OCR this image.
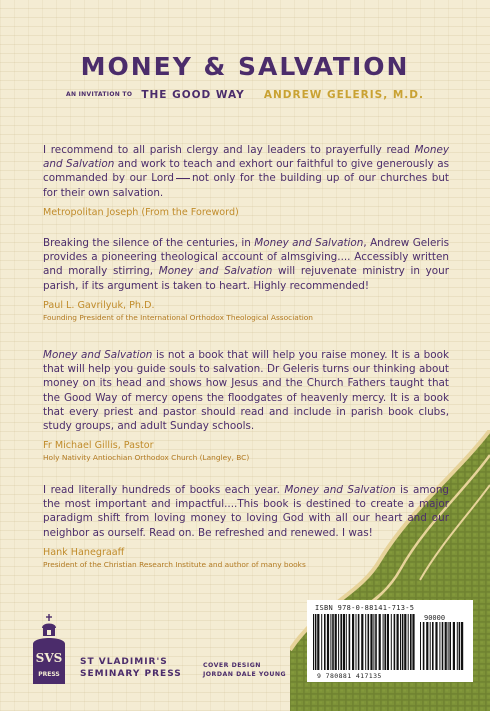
MONEY & SALVATION
AN INVITATION TO THE GOOD WAY ANDREW GELERIS, M.D.

I recommend to all parish clergy and lay leaders to prayerfully read Money and Salvation and work to teach and exhort our faithful to give generously as commanded by our Lord not only for the building up of our churches but for their own salvation.

Metropolitan Joseph (From the Foreword)

Breaking the silence of the centuries, in Money and Salvation, Andrew Geleris provides a pioneering theological account of almsgiving.... Accessibly written and morally stirring, Money and Salvation will rejuvenate ministry in your parish, if its argument is taken to heart. Highly recommended!

Paul L. Gavrilyuk, Ph.D.

Founding President of the International Orthodox Theological Association

Money and Salvation is not a book that will help you raise money. It is a book that will help you guide souls to salvation. Dr Geleris turns our thinking about money on its head and shows how Jesus and the Church Fathers taught that the Good Way of mercy opens the floodgates of heavenly mercy. It is a book that every priest and pastor should read and include in parish book clubs, study groups, and adult Sunday schools.

Fr Michael Gillis, Pastor

Holy Nativity Antiochian Orthodox Church (Langley, BC)

I read literally hundreds of books each year. Money and Salvation is among the most important and impactful....This book is destined to create a major paradigm shift from loving money to loving God with all our heart and our neighbor as ourself. Read on. Be refreshed and renewed. I was!

Hank Hanegraaff

President of the Christian Research Institute and author of many books

SVS
PRESS
ST VLADIMIR'S
SEMINARY PRESS
COVER DESIGN
JORDAN DALE YOUNG
ISBN 978-0-88141-713-5
90000
9 780881 417135
